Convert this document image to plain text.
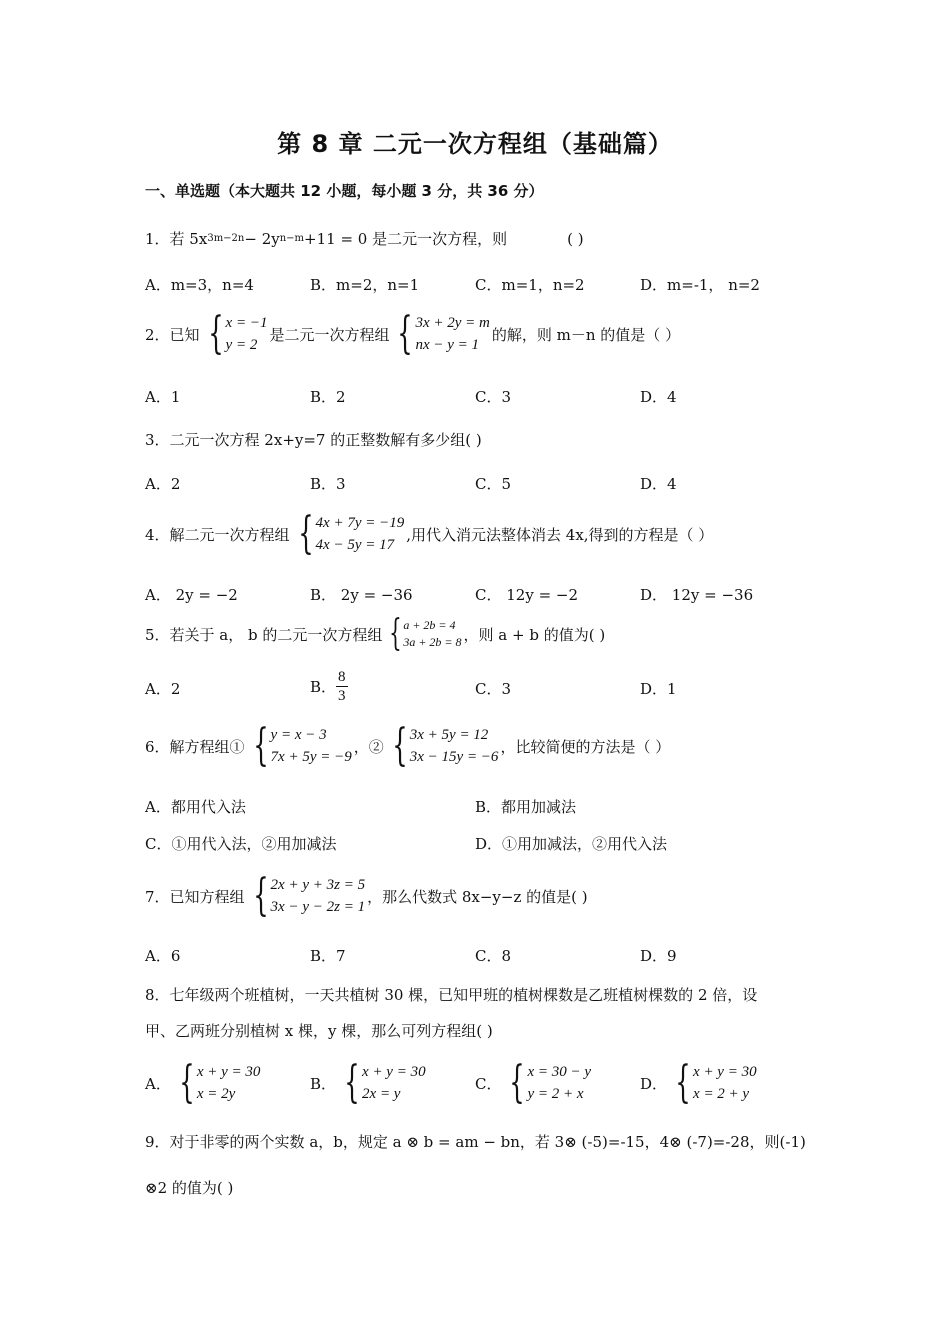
第 8 章 二元一次方程组（基础篇）
一、单选题（本大题共 12 小题，每小题 3 分，共 36 分）
1．若 5x 3m−2n − 2y n−m +11 = 0 是二元一次方程，则	( )
A．m=3，n=4	B．m=2，n=1	C．m=1，n=2	D．m=-1， n=2
2．已知 { x = −1
y = 2
是二元一次方程组 { 3x + 2y = m
nx − y = 1
的解，则 m－n 的值是（ ）
A．1	B．2	C．3	D．4
3．二元一次方程 2x+y=7 的正整数解有多少组( )
A．2	B．3	C．5	D．4
4．解二元一次方程组 { 4x + 7y = −19
4x − 5y = 17
,用代入消元法整体消去 4x,得到的方程是（ ）
A． 2y = −2	B． 2y = −36	C． 12y = −2	D． 12y = −36
5．若关于 a， b 的二元一次方程组 { a + 2b = 4
3a + 2b = 8 ，则 a + b 的值为( )
A．2	B． $\frac{8}{3}$	C．3	D．1
6．解方程组① { y = x − 3
7x + 5y = −9
，② { 3x + 5y = 12
3x − 15y = −6
，比较简便的方法是（ ）
A．都用代入法	B．都用加减法
C．①用代入法，②用加减法	D．①用加减法，②用代入法
7．已知方程组 { 2x + y + 3z = 5
3x − y − 2z = 1
，那么代数式 8x−y−z 的值是( )
A．6	B．7	C．8	D．9
8．七年级两个班植树，一天共植树 30 棵，已知甲班的植树棵数是乙班植树棵数的 2 倍，设
甲、乙两班分别植树 x 棵，y 棵，那么可列方程组( )
A． { x + y = 30
x = 2y
B． { x + y = 30
2x = y
C． { x = 30 − y
y = 2 + x
D． { x + y = 30
x = 2 + y
9．对于非零的两个实数 a，b，规定 a ⊗ b = am − bn，若 3⊗ (-5)=-15，4⊗ (-7)=-28，则(-1)
⊗2 的值为( )
